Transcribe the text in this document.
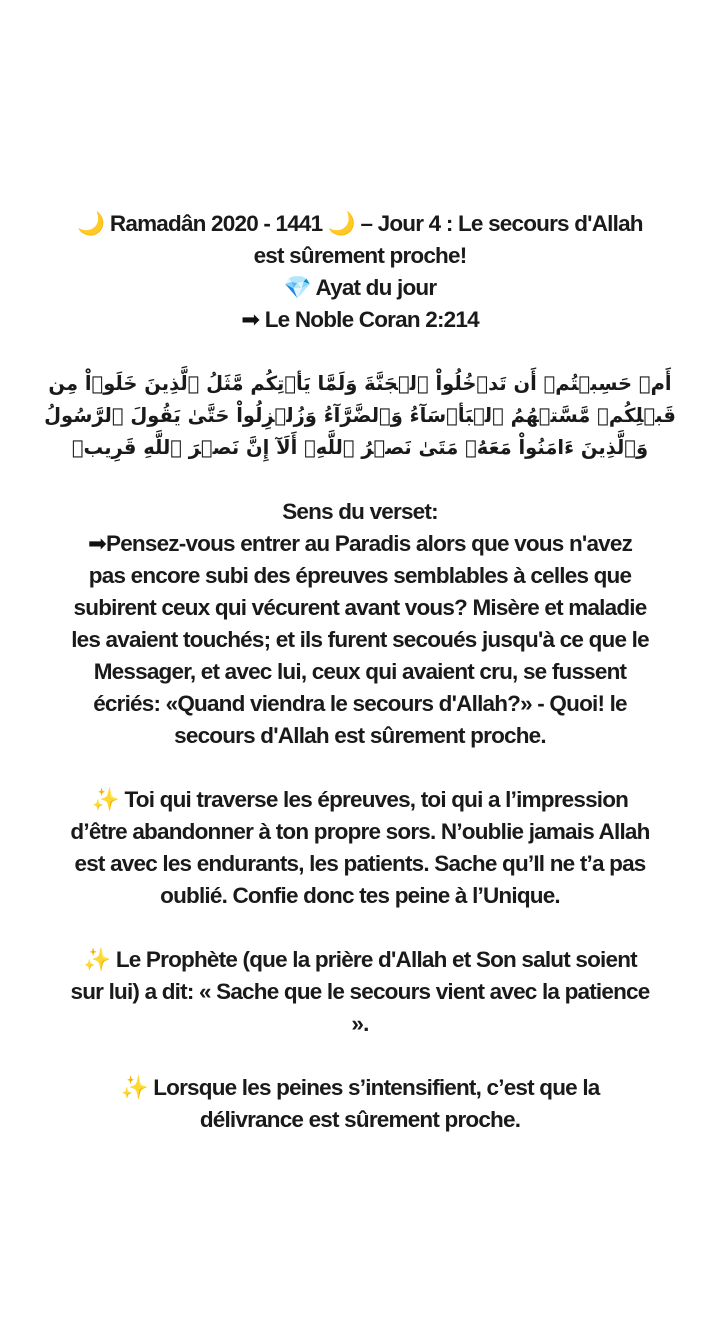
🌙 Ramadân 2020 - 1441 🌙 – Jour 4 : Le secours d'Allah
est sûrement proche!
💎 Ayat du jour
➡ Le Noble Coran 2:214
أَمۡ حَسِبۡتُمۡ أَن تَدۡخُلُواْ ٱلۡجَنَّةَ وَلَمَّا يَأۡتِكُم مَّثَلُ ٱلَّذِينَ خَلَوۡاْ مِن قَبۡلِكُمۖ مَّسَّتۡهُمُ ٱلۡبَأۡسَآءُ وَٱلضَّرَّآءُ وَزُلۡزِلُواْ حَتَّىٰ يَقُولَ ٱلرَّسُولُ وَٱلَّذِينَ ءَامَنُواْ مَعَهُۥ مَتَىٰ نَصۡرُ ٱللَّهِۗ أَلَآ إِنَّ نَصۡرَ ٱللَّهِ قَرِيبٞ
Sens du verset:
➡Pensez-vous entrer au Paradis alors que vous n'avez
pas encore subi des épreuves semblables à celles que
subirent ceux qui vécurent avant vous? Misère et maladie
les avaient touchés; et ils furent secoués jusqu'à ce que le
Messager, et avec lui, ceux qui avaient cru, se fussent
écriés: «Quand viendra le secours d'Allah?» - Quoi! le
secours d'Allah est sûrement proche.
✨ Toi qui traverse les épreuves, toi qui a l’impression
d’être abandonner à ton propre sors. N’oublie jamais Allah
est avec les endurants, les patients. Sache qu’Il ne t’a pas
oublié. Confie donc tes peine à l’Unique.
✨ Le Prophète (que la prière d'Allah et Son salut soient
sur lui) a dit: « Sache que le secours vient avec la patience
».
✨ Lorsque les peines s’intensifient, c’est que la
délivrance est sûrement proche.
